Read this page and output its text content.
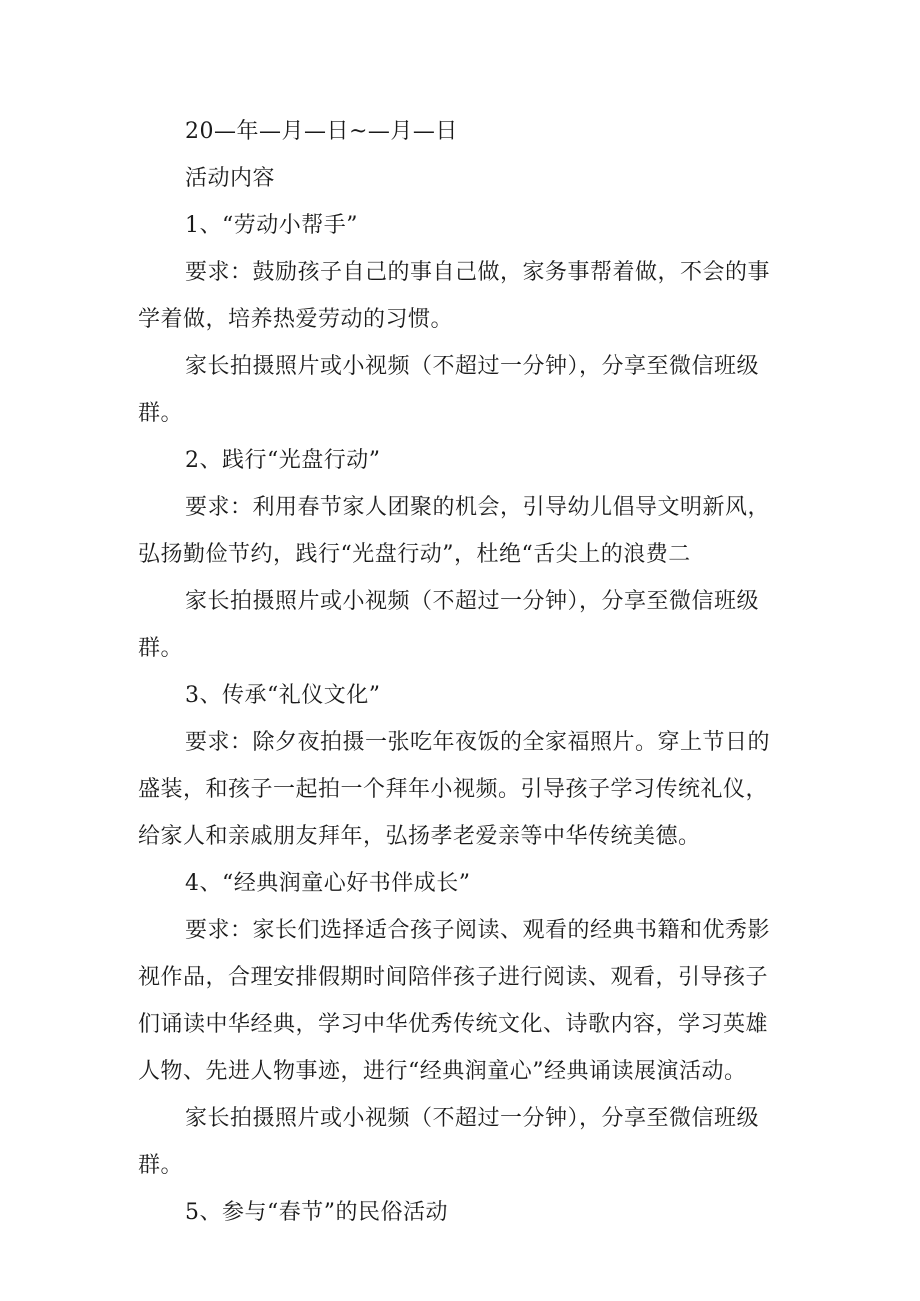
20—年—月—日~—月—日
活动内容
1、“劳动小帮手”
要求：鼓励孩子自己的事自己做，家务事帮着做，不会的事
学着做，培养热爱劳动的习惯。
家长拍摄照片或小视频（不超过一分钟），分享至微信班级
群。
2、践行“光盘行动”
要求：利用春节家人团聚的机会，引导幼儿倡导文明新风，
弘扬勤俭节约，践行“光盘行动”，杜绝“舌尖上的浪费二
家长拍摄照片或小视频（不超过一分钟），分享至微信班级
群。
3、传承“礼仪文化”
要求：除夕夜拍摄一张吃年夜饭的全家福照片。穿上节日的
盛装，和孩子一起拍一个拜年小视频。引导孩子学习传统礼仪，
给家人和亲戚朋友拜年，弘扬孝老爱亲等中华传统美德。
4、“经典润童心好书伴成长”
要求：家长们选择适合孩子阅读、观看的经典书籍和优秀影
视作品，合理安排假期时间陪伴孩子进行阅读、观看，引导孩子
们诵读中华经典，学习中华优秀传统文化、诗歌内容，学习英雄
人物、先进人物事迹，进行“经典润童心”经典诵读展演活动。
家长拍摄照片或小视频（不超过一分钟），分享至微信班级
群。
5、参与“春节”的民俗活动
